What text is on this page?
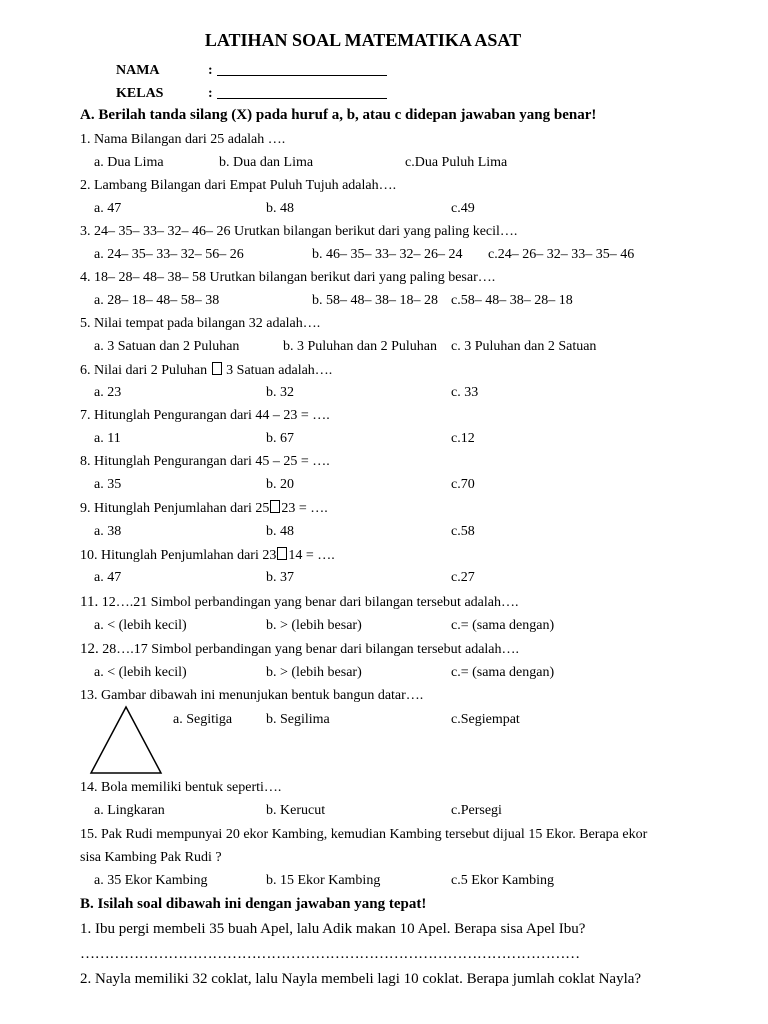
LATIHAN SOAL MATEMATIKA ASAT
NAMA	:
KELAS	:
A. Berilah tanda silang (X) pada huruf a, b, atau c didepan jawaban yang benar!
1. Nama Bilangan dari 25 adalah ….
a. Dua Lima	b. Dua dan Lima	c.Dua Puluh Lima
2. Lambang Bilangan dari Empat Puluh Tujuh adalah….
a. 47	b. 48	c.49
3. 24– 35– 33– 32– 46– 26 Urutkan bilangan berikut dari yang paling kecil….
a. 24– 35– 33– 32– 56– 26	b. 46– 35– 33– 32– 26– 24 c.24– 26– 32– 33– 35– 46
4. 18– 28– 48– 38– 58 Urutkan bilangan berikut dari yang paling besar….
a. 28– 18– 48– 58– 38	b. 58– 48– 38– 18– 28 c.58– 48– 38– 28– 18
5. Nilai tempat pada bilangan 32 adalah….
a. 3 Satuan dan 2 Puluhan	b. 3 Puluhan dan 2 Puluhan c. 3 Puluhan dan 2 Satuan
6. Nilai dari 2 Puluhan  3 Satuan adalah….
a. 23	b. 32	c. 33
7. Hitunglah Pengurangan dari 44 – 23 = ….
a. 11	b. 67	c.12
8. Hitunglah Pengurangan dari 45 – 25 = ….
a. 35	b. 20	c.70
9. Hitunglah Penjumlahan dari 25 23 = ….
a. 38	b. 48	c.58
10. Hitunglah Penjumlahan dari 23 14 = ….
a. 47	b. 37	c.27
11. 12….21 Simbol perbandingan yang benar dari bilangan tersebut adalah….
a. < (lebih kecil)	b. > (lebih besar)	c.= (sama dengan)
12. 28….17 Simbol perbandingan yang benar dari bilangan tersebut adalah….
a. < (lebih kecil)	b. > (lebih besar)	c.= (sama dengan)
13. Gambar dibawah ini menunjukan bentuk bangun datar….
a. Segitiga b. Segilima	c.Segiempat
14. Bola memiliki bentuk seperti….
a. Lingkaran	b. Kerucut	c.Persegi
15. Pak Rudi mempunyai 20 ekor Kambing, kemudian Kambing tersebut dijual 15 Ekor. Berapa ekor
sisa Kambing Pak Rudi ?
a. 35 Ekor Kambing	b. 15 Ekor Kambing	c.5 Ekor Kambing
B. Isilah soal dibawah ini dengan jawaban yang tepat!
1. Ibu pergi membeli 35 buah Apel, lalu Adik makan 10 Apel. Berapa sisa Apel Ibu?
…………………………………………………………………………………………
2. Nayla memiliki 32 coklat, lalu Nayla membeli lagi 10 coklat. Berapa jumlah coklat Nayla?
